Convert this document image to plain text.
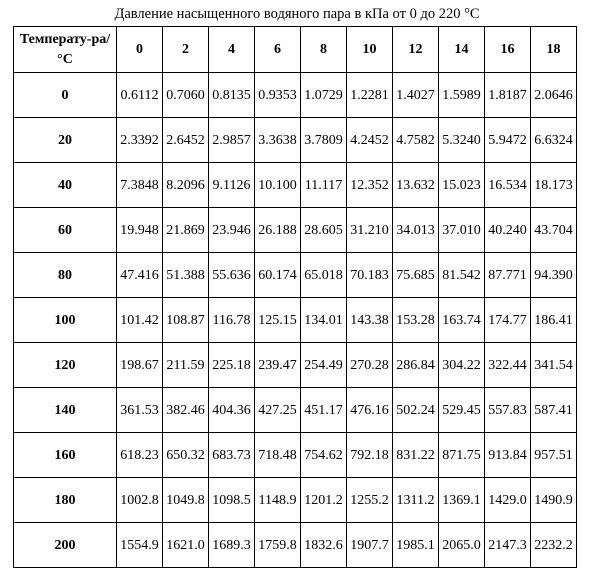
Давление насыщенного водяного пара в кПа от 0 до 220 °C
Температу-ра/°C	0	2	4	6	8	10	12	14	16	18
0	0.6112	0.7060	0.8135	0.9353	1.0729	1.2281	1.4027	1.5989	1.8187	2.0646
20	2.3392	2.6452	2.9857	3.3638	3.7809	4.2452	4.7582	5.3240	5.9472	6.6324
40	7.3848	8.2096	9.1126	10.100	11.117	12.352	13.632	15.023	16.534	18.173
60	19.948	21.869	23.946	26.188	28.605	31.210	34.013	37.010	40.240	43.704
80	47.416	51.388	55.636	60.174	65.018	70.183	75.685	81.542	87.771	94.390
100	101.42	108.87	116.78	125.15	134.01	143.38	153.28	163.74	174.77	186.41
120	198.67	211.59	225.18	239.47	254.49	270.28	286.84	304.22	322.44	341.54
140	361.53	382.46	404.36	427.25	451.17	476.16	502.24	529.45	557.83	587.41
160	618.23	650.32	683.73	718.48	754.62	792.18	831.22	871.75	913.84	957.51
180	1002.8	1049.8	1098.5	1148.9	1201.2	1255.2	1311.2	1369.1	1429.0	1490.9
200	1554.9	1621.0	1689.3	1759.8	1832.6	1907.7	1985.1	2065.0	2147.3	2232.2
